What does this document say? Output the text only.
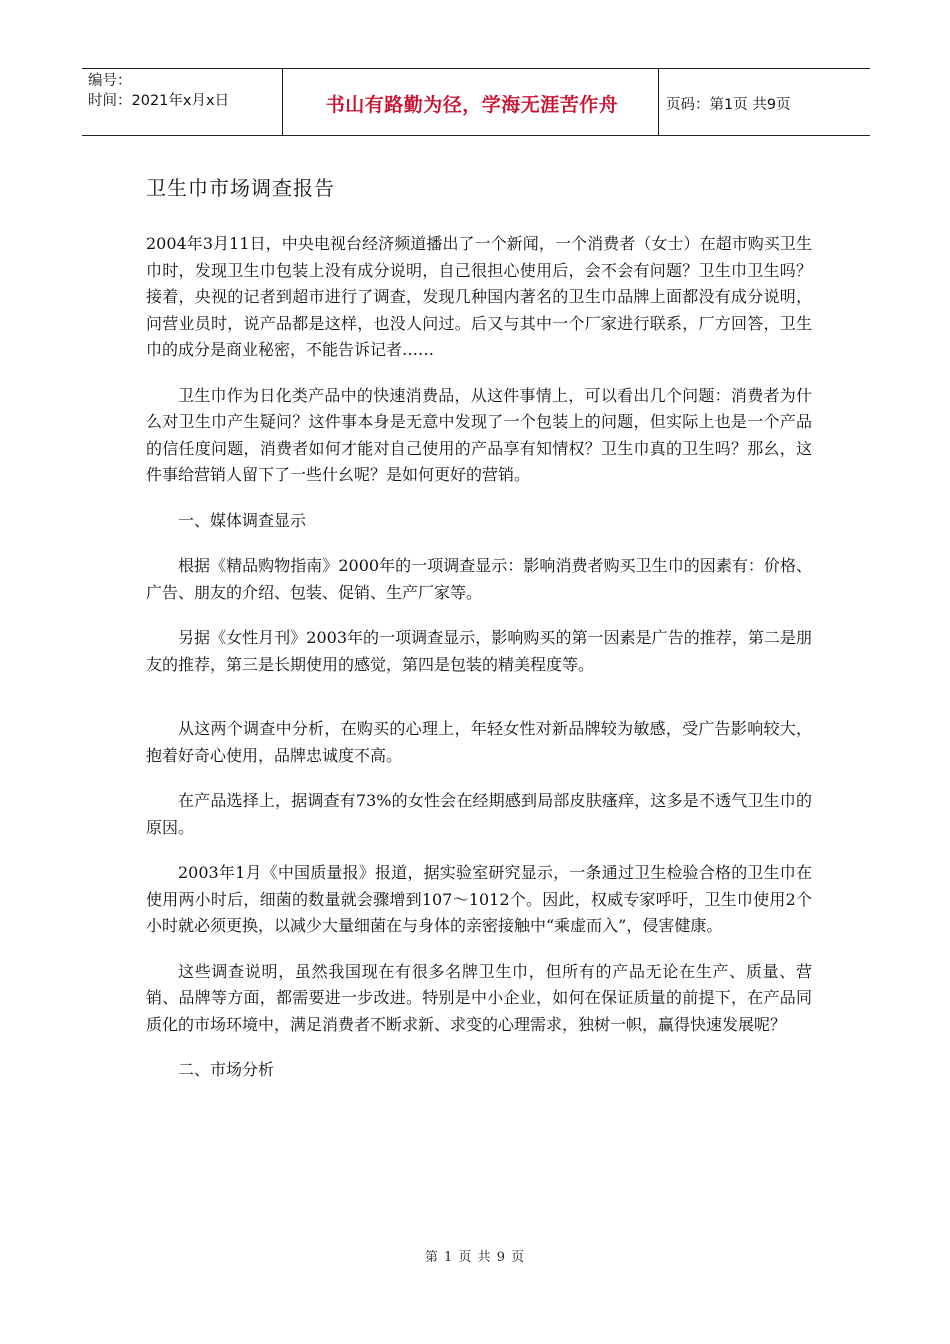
编号：
时间：2021年x月x日	书山有路勤为径，学海无涯苦作舟	页码：第1页 共9页
卫生巾市场调查报告

2004年3月11日，中央电视台经济频道播出了一个新闻，一个消费者（女士）在超市购买卫生巾时，发现卫生巾包装上没有成分说明，自己很担心使用后，会不会有问题？卫生巾卫生吗？接着，央视的记者到超市进行了调查，发现几种国内著名的卫生巾品牌上面都没有成分说明，问营业员时，说产品都是这样，也没人问过。后又与其中一个厂家进行联系，厂方回答，卫生巾的成分是商业秘密，不能告诉记者……

卫生巾作为日化类产品中的快速消费品，从这件事情上，可以看出几个问题：消费者为什么对卫生巾产生疑问？这件事本身是无意中发现了一个包装上的问题，但实际上也是一个产品的信任度问题，消费者如何才能对自己使用的产品享有知情权？卫生巾真的卫生吗？那幺，这件事给营销人留下了一些什幺呢？是如何更好的营销。

一、媒体调查显示

根据《精品购物指南》2000年的一项调查显示：影响消费者购买卫生巾的因素有：价格、广告、朋友的介绍、包装、促销、生产厂家等。

另据《女性月刊》2003年的一项调查显示，影响购买的第一因素是广告的推荐，第二是朋友的推荐，第三是长期使用的感觉，第四是包装的精美程度等。

从这两个调查中分析，在购买的心理上，年轻女性对新品牌较为敏感，受广告影响较大，抱着好奇心使用，品牌忠诚度不高。

在产品选择上，据调查有73%的女性会在经期感到局部皮肤瘙痒，这多是不透气卫生巾的原因。

2003年1月《中国质量报》报道，据实验室研究显示，一条通过卫生检验合格的卫生巾在使用两小时后，细菌的数量就会骤增到107～1012个。因此，权威专家呼吁，卫生巾使用2个小时就必须更换，以减少大量细菌在与身体的亲密接触中“乘虚而入”，侵害健康。

这些调查说明，虽然我国现在有很多名牌卫生巾，但所有的产品无论在生产、质量、营销、品牌等方面，都需要进一步改进。特别是中小企业，如何在保证质量的前提下，在产品同质化的市场环境中，满足消费者不断求新、求变的心理需求，独树一帜，赢得快速发展呢？

二、市场分析

第 1 页 共 9 页
